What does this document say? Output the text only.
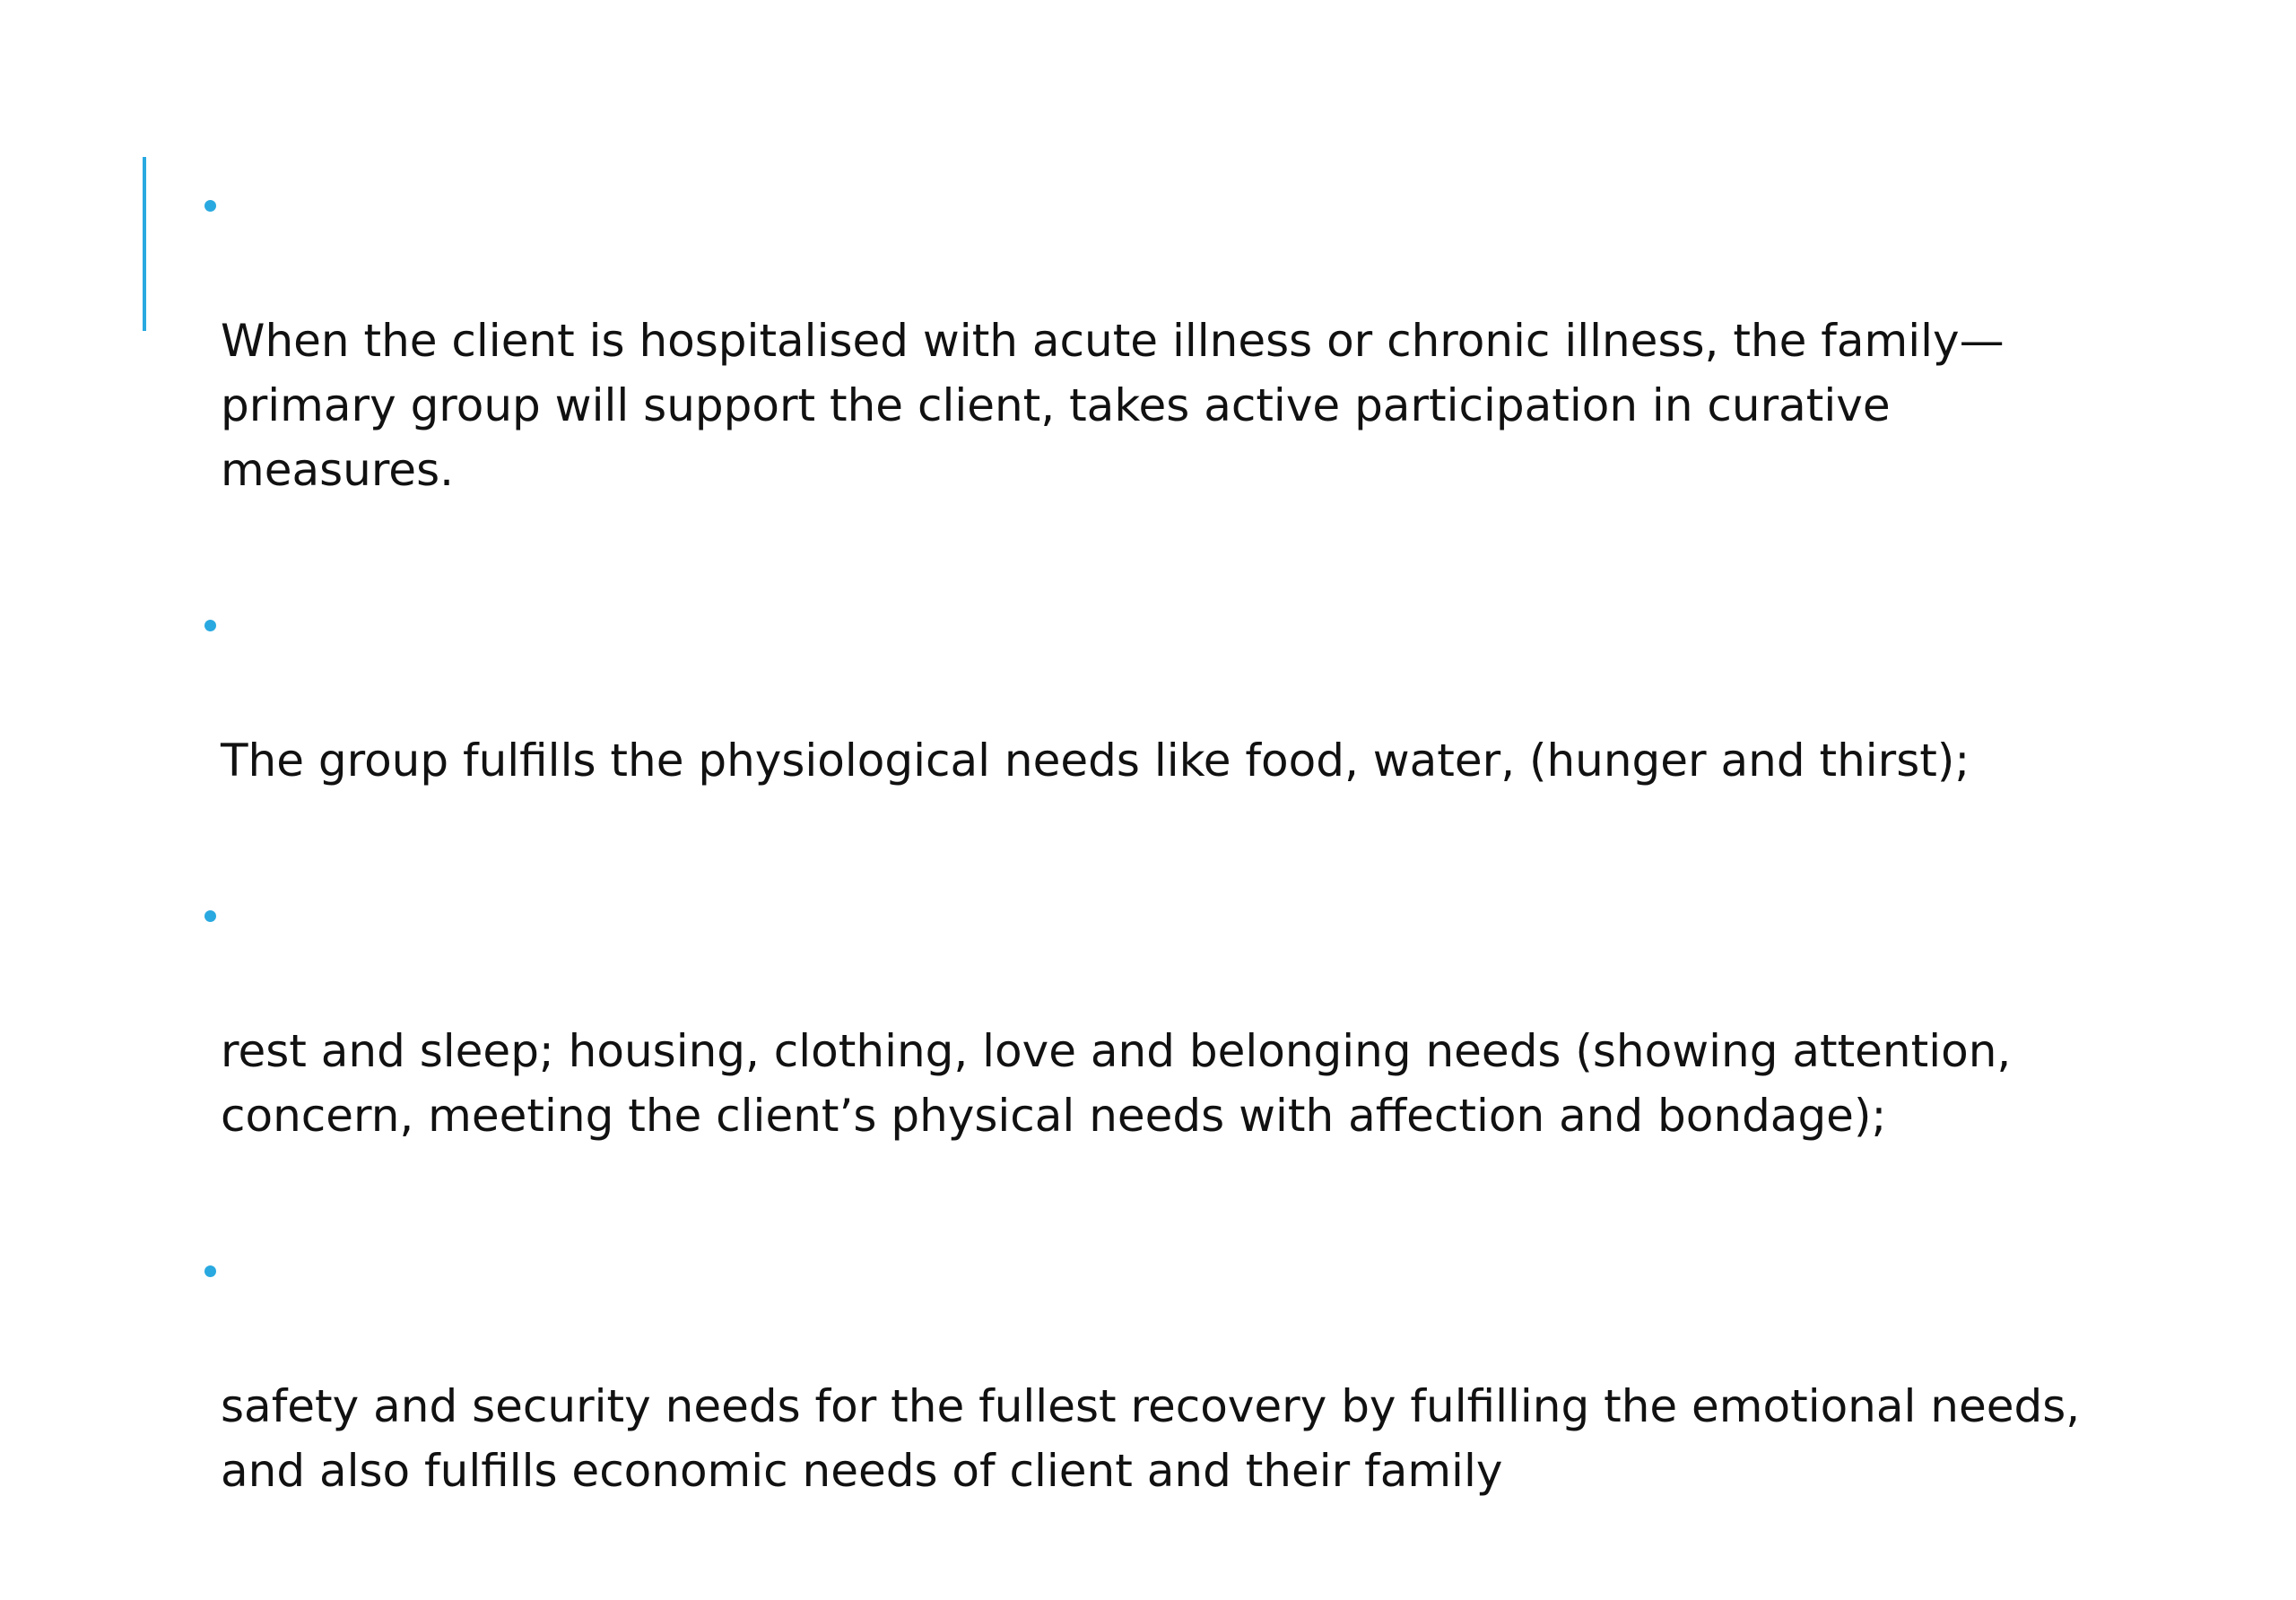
When the client is hospitalised with acute illness or chronic illness, the family—
primary group will support the client, takes active participation in curative measures.

The group fulfills the physiological needs like food, water, (hunger and thirst);

rest and sleep; housing, clothing, love and belonging needs (showing attention,
concern, meeting the client’s physical needs with affection and bondage);

safety and security needs for the fullest recovery by fulfilling the emotional needs,
and also fulfills economic needs of client and their family
